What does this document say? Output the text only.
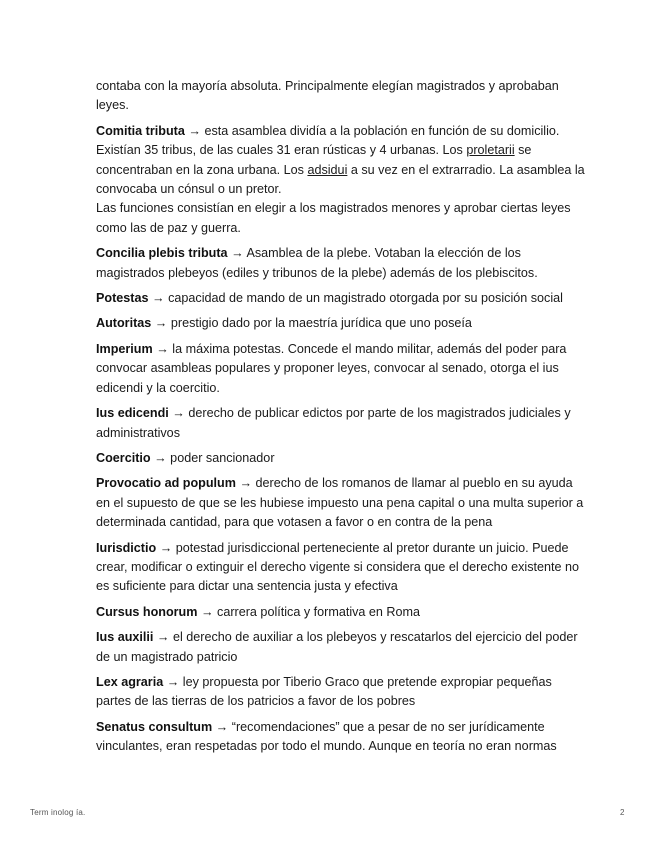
contaba con la mayoría absoluta. Principalmente elegían magistrados y aprobaban leyes.

Comitia tributa → esta asamblea dividía a la población en función de su domicilio. Existían 35 tribus, de las cuales 31 eran rústicas y 4 urbanas. Los proletarii se concentraban en la zona urbana. Los adsidui a su vez en el extrarradio. La asamblea la convocaba un cónsul o un pretor.
Las funciones consistían en elegir a los magistrados menores y aprobar ciertas leyes como las de paz y guerra.

Concilia plebis tributa → Asamblea de la plebe. Votaban la elección de los magistrados plebeyos (ediles y tribunos de la plebe) además de los plebiscitos.

Potestas → capacidad de mando de un magistrado otorgada por su posición social

Autoritas → prestigio dado por la maestría jurídica que uno poseía

Imperium → la máxima potestas. Concede el mando militar, además del poder para convocar asambleas populares y proponer leyes, convocar al senado, otorga el ius edicendi y la coercitio.

Ius edicendi → derecho de publicar edictos por parte de los magistrados judiciales y administrativos

Coercitio → poder sancionador

Provocatio ad populum → derecho de los romanos de llamar al pueblo en su ayuda en el supuesto de que se les hubiese impuesto una pena capital o una multa superior a determinada cantidad, para que votasen a favor o en contra de la pena

Iurisdictio → potestad jurisdiccional perteneciente al pretor durante un juicio. Puede crear, modificar o extinguir el derecho vigente si considera que el derecho existente no es suficiente para dictar una sentencia justa y efectiva

Cursus honorum → carrera política y formativa en Roma

Ius auxilii → el derecho de auxiliar a los plebeyos y rescatarlos del ejercicio del poder de un magistrado patricio

Lex agraria → ley propuesta por Tiberio Graco que pretende expropiar pequeñas partes de las tierras de los patricios a favor de los pobres

Senatus consultum → “recomendaciones” que a pesar de no ser jurídicamente vinculantes, eran respetadas por todo el mundo. Aunque en teoría no eran normas

Term inolog ía.	2
